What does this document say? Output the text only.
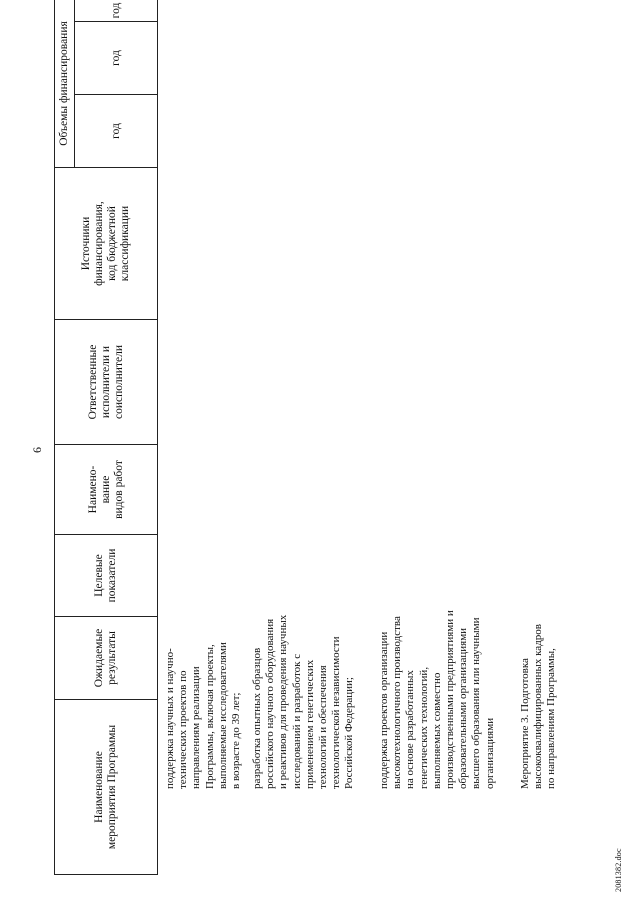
6
Наименование мероприятия Программы
Ожидаемые результаты
Целевые показатели
Наимено- вание видов работ
Ответственные исполнители и соисполнители
Источники финансирования, код бюджетной классификации
Объемы финансирования	год
год
год
поддержка научных и научно- технических проектов по направлениям реализации Программы, включая проекты, выполняемые исследователями в возрасте до 39 лет; разработка опытных образцов российского научного оборудования и реактивов для проведения научных исследований и разработок с применением генетических технологий и обеспечения технологической независимости Российской Федерации; поддержка проектов организации высокотехнологичного производства на основе разработанных генетических технологий, выполняемых совместно производственными предприятиями и образовательными организациями высшего образования или научными организациями Мероприятие 3. Подготовка высококвалифицированных кадров по направлениям Программы,
2081382.doc
